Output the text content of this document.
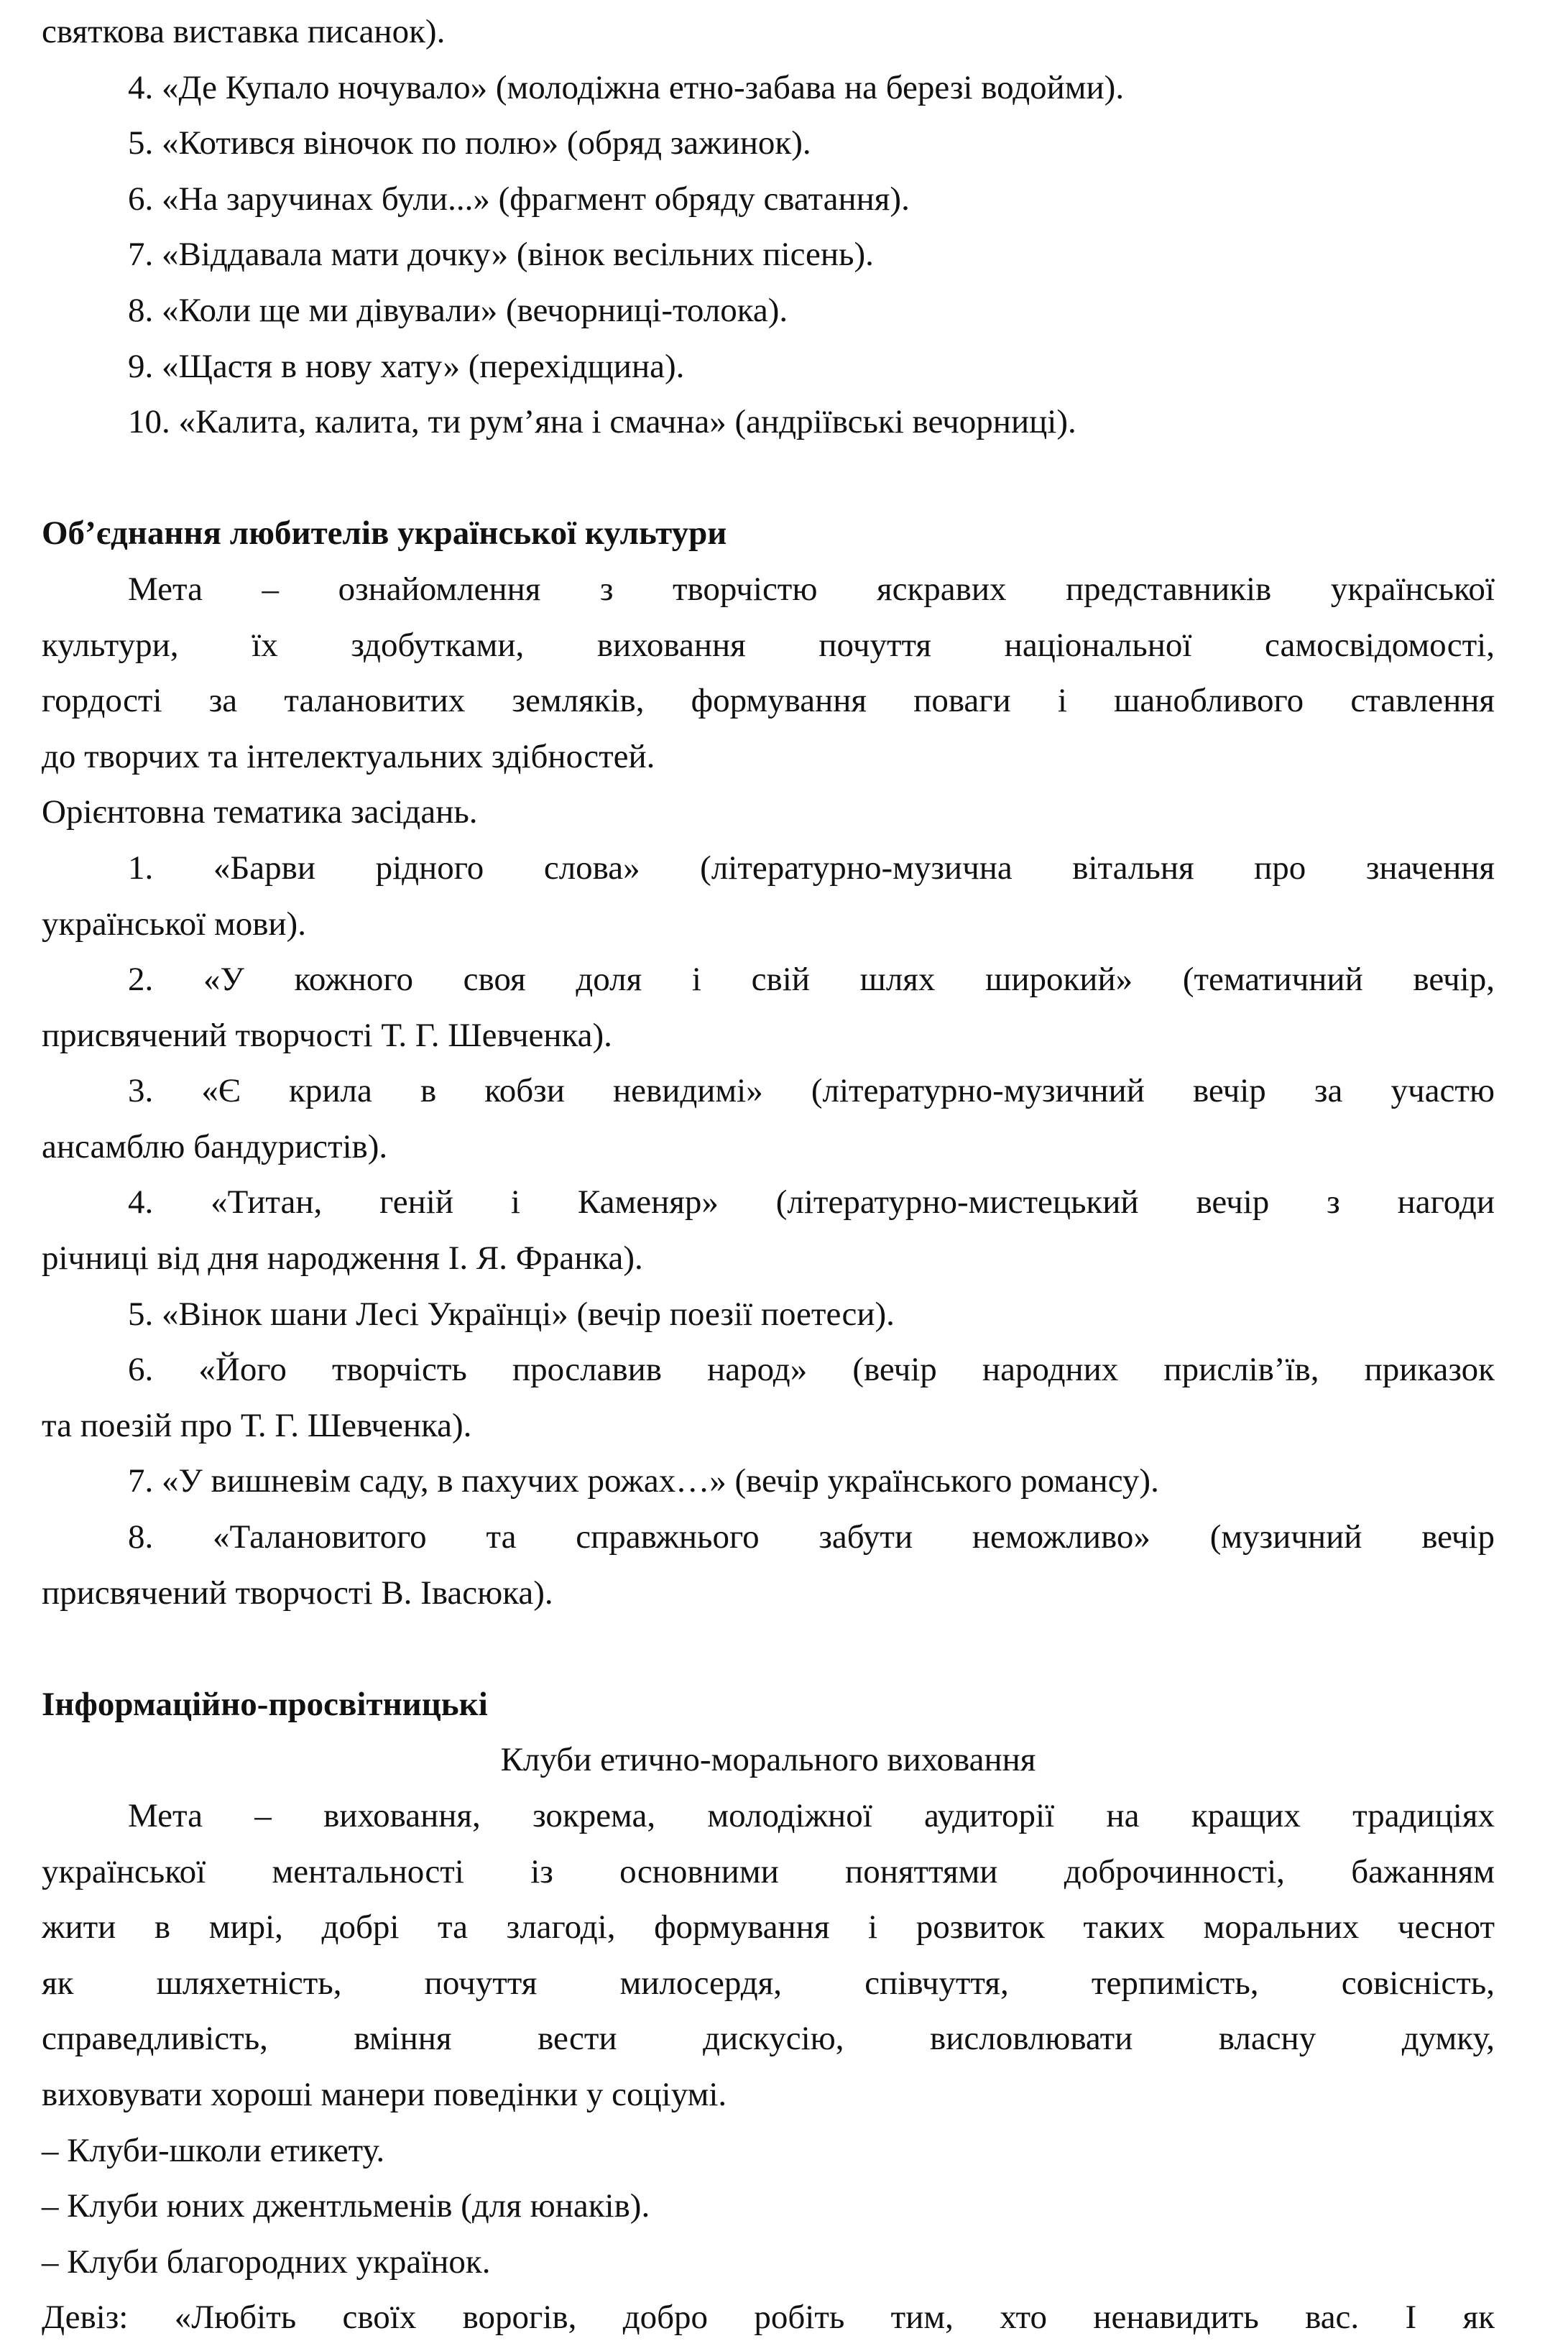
святкова виставка писанок).
4. «Де Купало ночувало» (молодіжна етно-забава на березі водойми).
5. «Котився віночок по полю» (обряд зажинок).
6. «На заручинах були...» (фрагмент обряду сватання).
7. «Віддавала мати дочку» (вінок весільних пісень).
8. «Коли ще ми дівували» (вечорниці-толока).
9. «Щастя в нову хату» (перехідщина).
10. «Калита, калита, ти рум’яна і смачна» (андріївські вечорниці).
Об’єднання любителів української культури
Мета – ознайомлення з творчістю яскравих представників української
культури, їх здобутками, виховання почуття національної самосвідомості,
гордості за талановитих земляків, формування поваги і шанобливого ставлення
до творчих та інтелектуальних здібностей.
Орієнтовна тематика засідань.
1. «Барви рідного слова» (літературно-музична вітальня про значення
української мови).
2. «У кожного своя доля і свій шлях широкий» (тематичний вечір,
присвячений творчості Т. Г. Шевченка).
3. «Є крила в кобзи невидимі» (літературно-музичний вечір за участю
ансамблю бандуристів).
4. «Титан, геній і Каменяр» (літературно-мистецький вечір з нагоди
річниці від дня народження І. Я. Франка).
5. «Вінок шани Лесі Українці» (вечір поезії поетеси).
6. «Його творчість прославив народ» (вечір народних прислів’їв, приказок
та поезій про Т. Г. Шевченка).
7. «У вишневім саду, в пахучих рожах…» (вечір українського романсу).
8. «Талановитого та справжнього забути неможливо» (музичний вечір
присвячений творчості В. Івасюка).
Інформаційно-просвітницькі
Клуби етично-морального виховання
Мета – виховання, зокрема, молодіжної аудиторії на кращих традиціях
української ментальності із основними поняттями доброчинності, бажанням
жити в мирі, добрі та злагоді, формування і розвиток таких моральних чеснот
як шляхетність, почуття милосердя, співчуття, терпимість, совісність,
справедливість, вміння вести дискусію, висловлювати власну думку,
виховувати хороші манери поведінки у соціумі.
– Клуби-школи етикету.
– Клуби юних джентльменів (для юнаків).
– Клуби благородних українок.
Девіз: «Любіть своїх ворогів, добро робіть тим, хто ненавидить вас. І як
